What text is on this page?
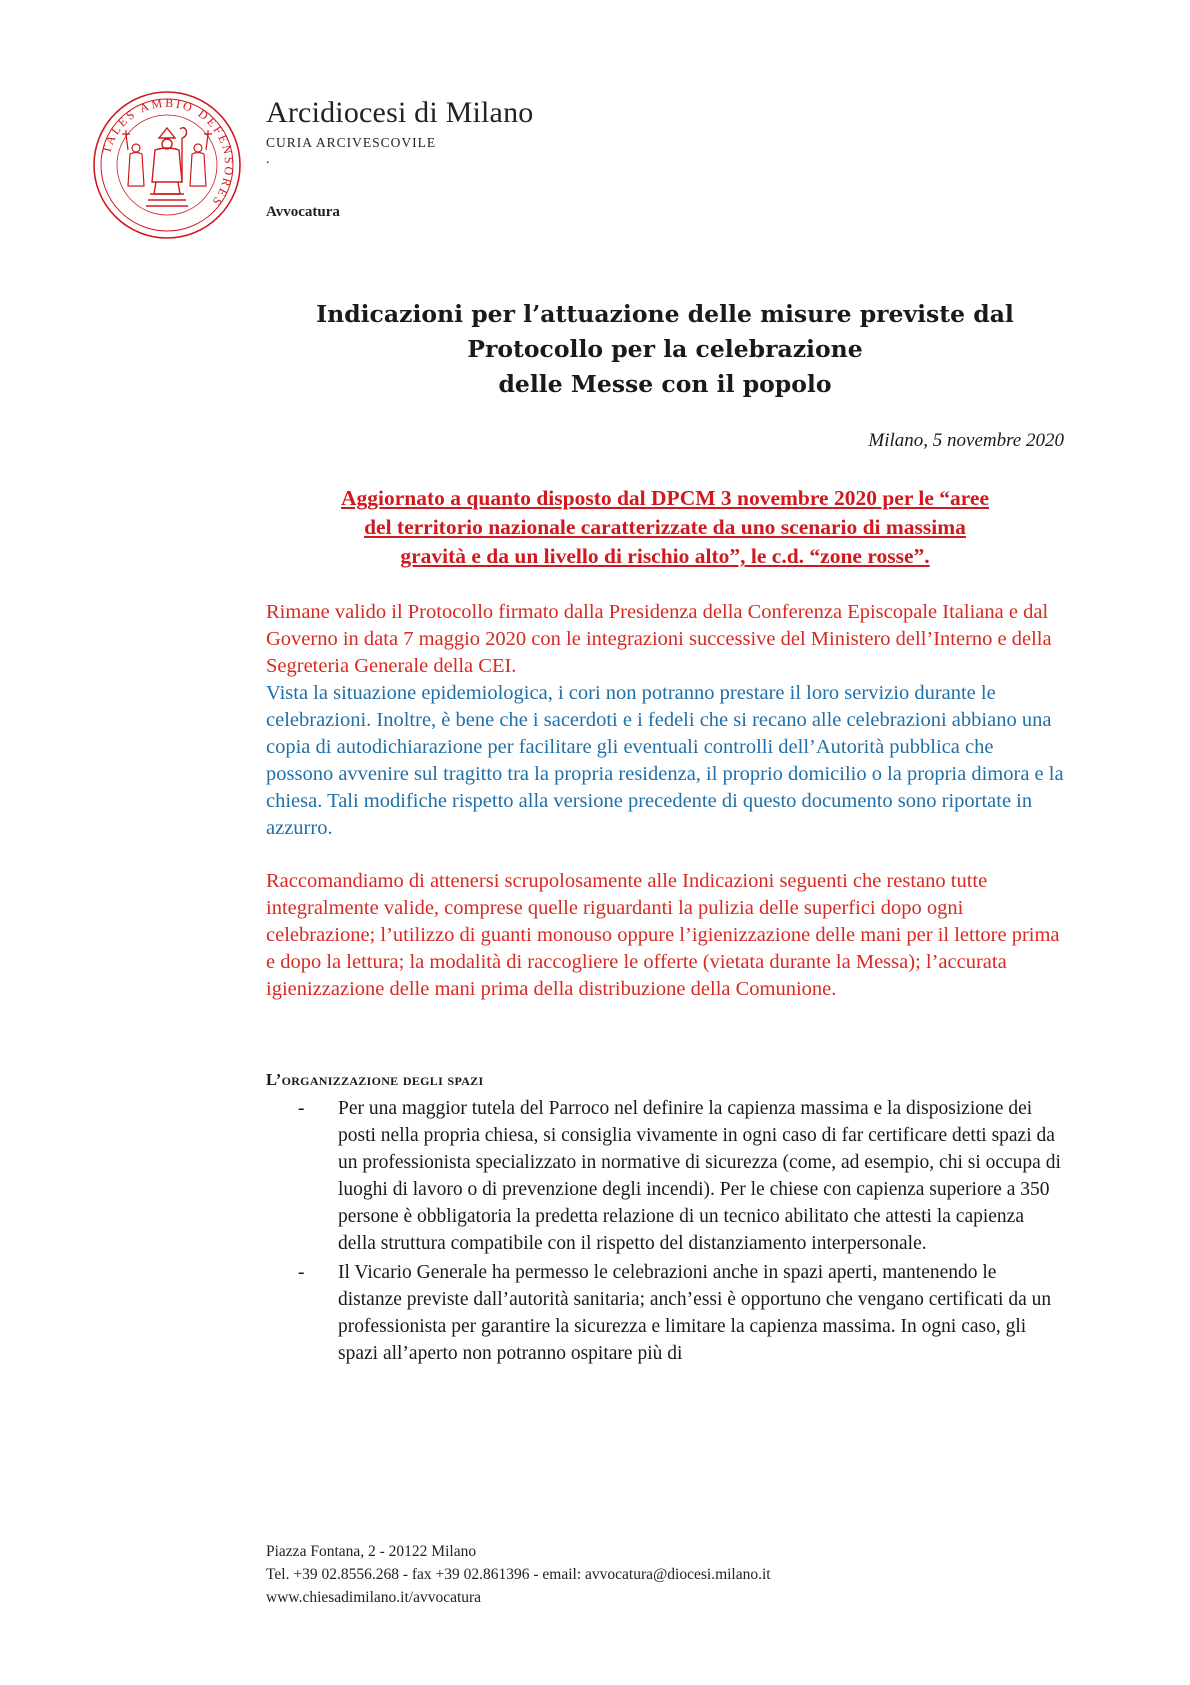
TALES AMBIO DEFENSORES
Arcidiocesi di Milano
CURIA ARCIVESCOVILE
.
Avvocatura
Indicazioni per l’attuazione delle misure previste dal
Protocollo per la celebrazione
delle Messe con il popolo
Milano, 5 novembre 2020
Aggiornato a quanto disposto dal DPCM 3 novembre 2020 per le “aree
del territorio nazionale caratterizzate da uno scenario di massima
gravità e da un livello di rischio alto”, le c.d. “zone rosse”.

Rimane valido il Protocollo firmato dalla Presidenza della Conferenza Episcopale Italiana e dal Governo in data 7 maggio 2020 con le integrazioni successive del Ministero dell’Interno e della Segreteria Generale della CEI.

Vista la situazione epidemiologica, i cori non potranno prestare il loro servizio durante le celebrazioni. Inoltre, è bene che i sacerdoti e i fedeli che si recano alle celebrazioni abbiano una copia di autodichiarazione per facilitare gli eventuali controlli dell’Autorità pubblica che possono avvenire sul tragitto tra la propria residenza, il proprio domicilio o la propria dimora e la chiesa. Tali modifiche rispetto alla versione precedente di questo documento sono riportate in azzurro.

Raccomandiamo di attenersi scrupolosamente alle Indicazioni seguenti che restano tutte integralmente valide, comprese quelle riguardanti la pulizia delle superfici dopo ogni celebrazione; l’utilizzo di guanti monouso oppure l’igienizzazione delle mani per il lettore prima e dopo la lettura; la modalità di raccogliere le offerte (vietata durante la Messa); l’accurata igienizzazione delle mani prima della distribuzione della Comunione.

L’organizzazione degli spazi
- Per una maggior tutela del Parroco nel definire la capienza massima e la disposizione dei posti nella propria chiesa, si consiglia vivamente in ogni caso di far certificare detti spazi da un professionista specializzato in normative di sicurezza (come, ad esempio, chi si occupa di luoghi di lavoro o di prevenzione degli incendi). Per le chiese con capienza superiore a 350 persone è obbligatoria la predetta relazione di un tecnico abilitato che attesti la capienza della struttura compatibile con il rispetto del distanziamento interpersonale.
- Il Vicario Generale ha permesso le celebrazioni anche in spazi aperti, mantenendo le distanze previste dall’autorità sanitaria; anch’essi è opportuno che vengano certificati da un professionista per garantire la sicurezza e limitare la capienza massima. In ogni caso, gli spazi all’aperto non potranno ospitare più di
Piazza Fontana, 2 - 20122 Milano
Tel. +39 02.8556.268 - fax +39 02.861396 - email: avvocatura@diocesi.milano.it
www.chiesadimilano.it/avvocatura
